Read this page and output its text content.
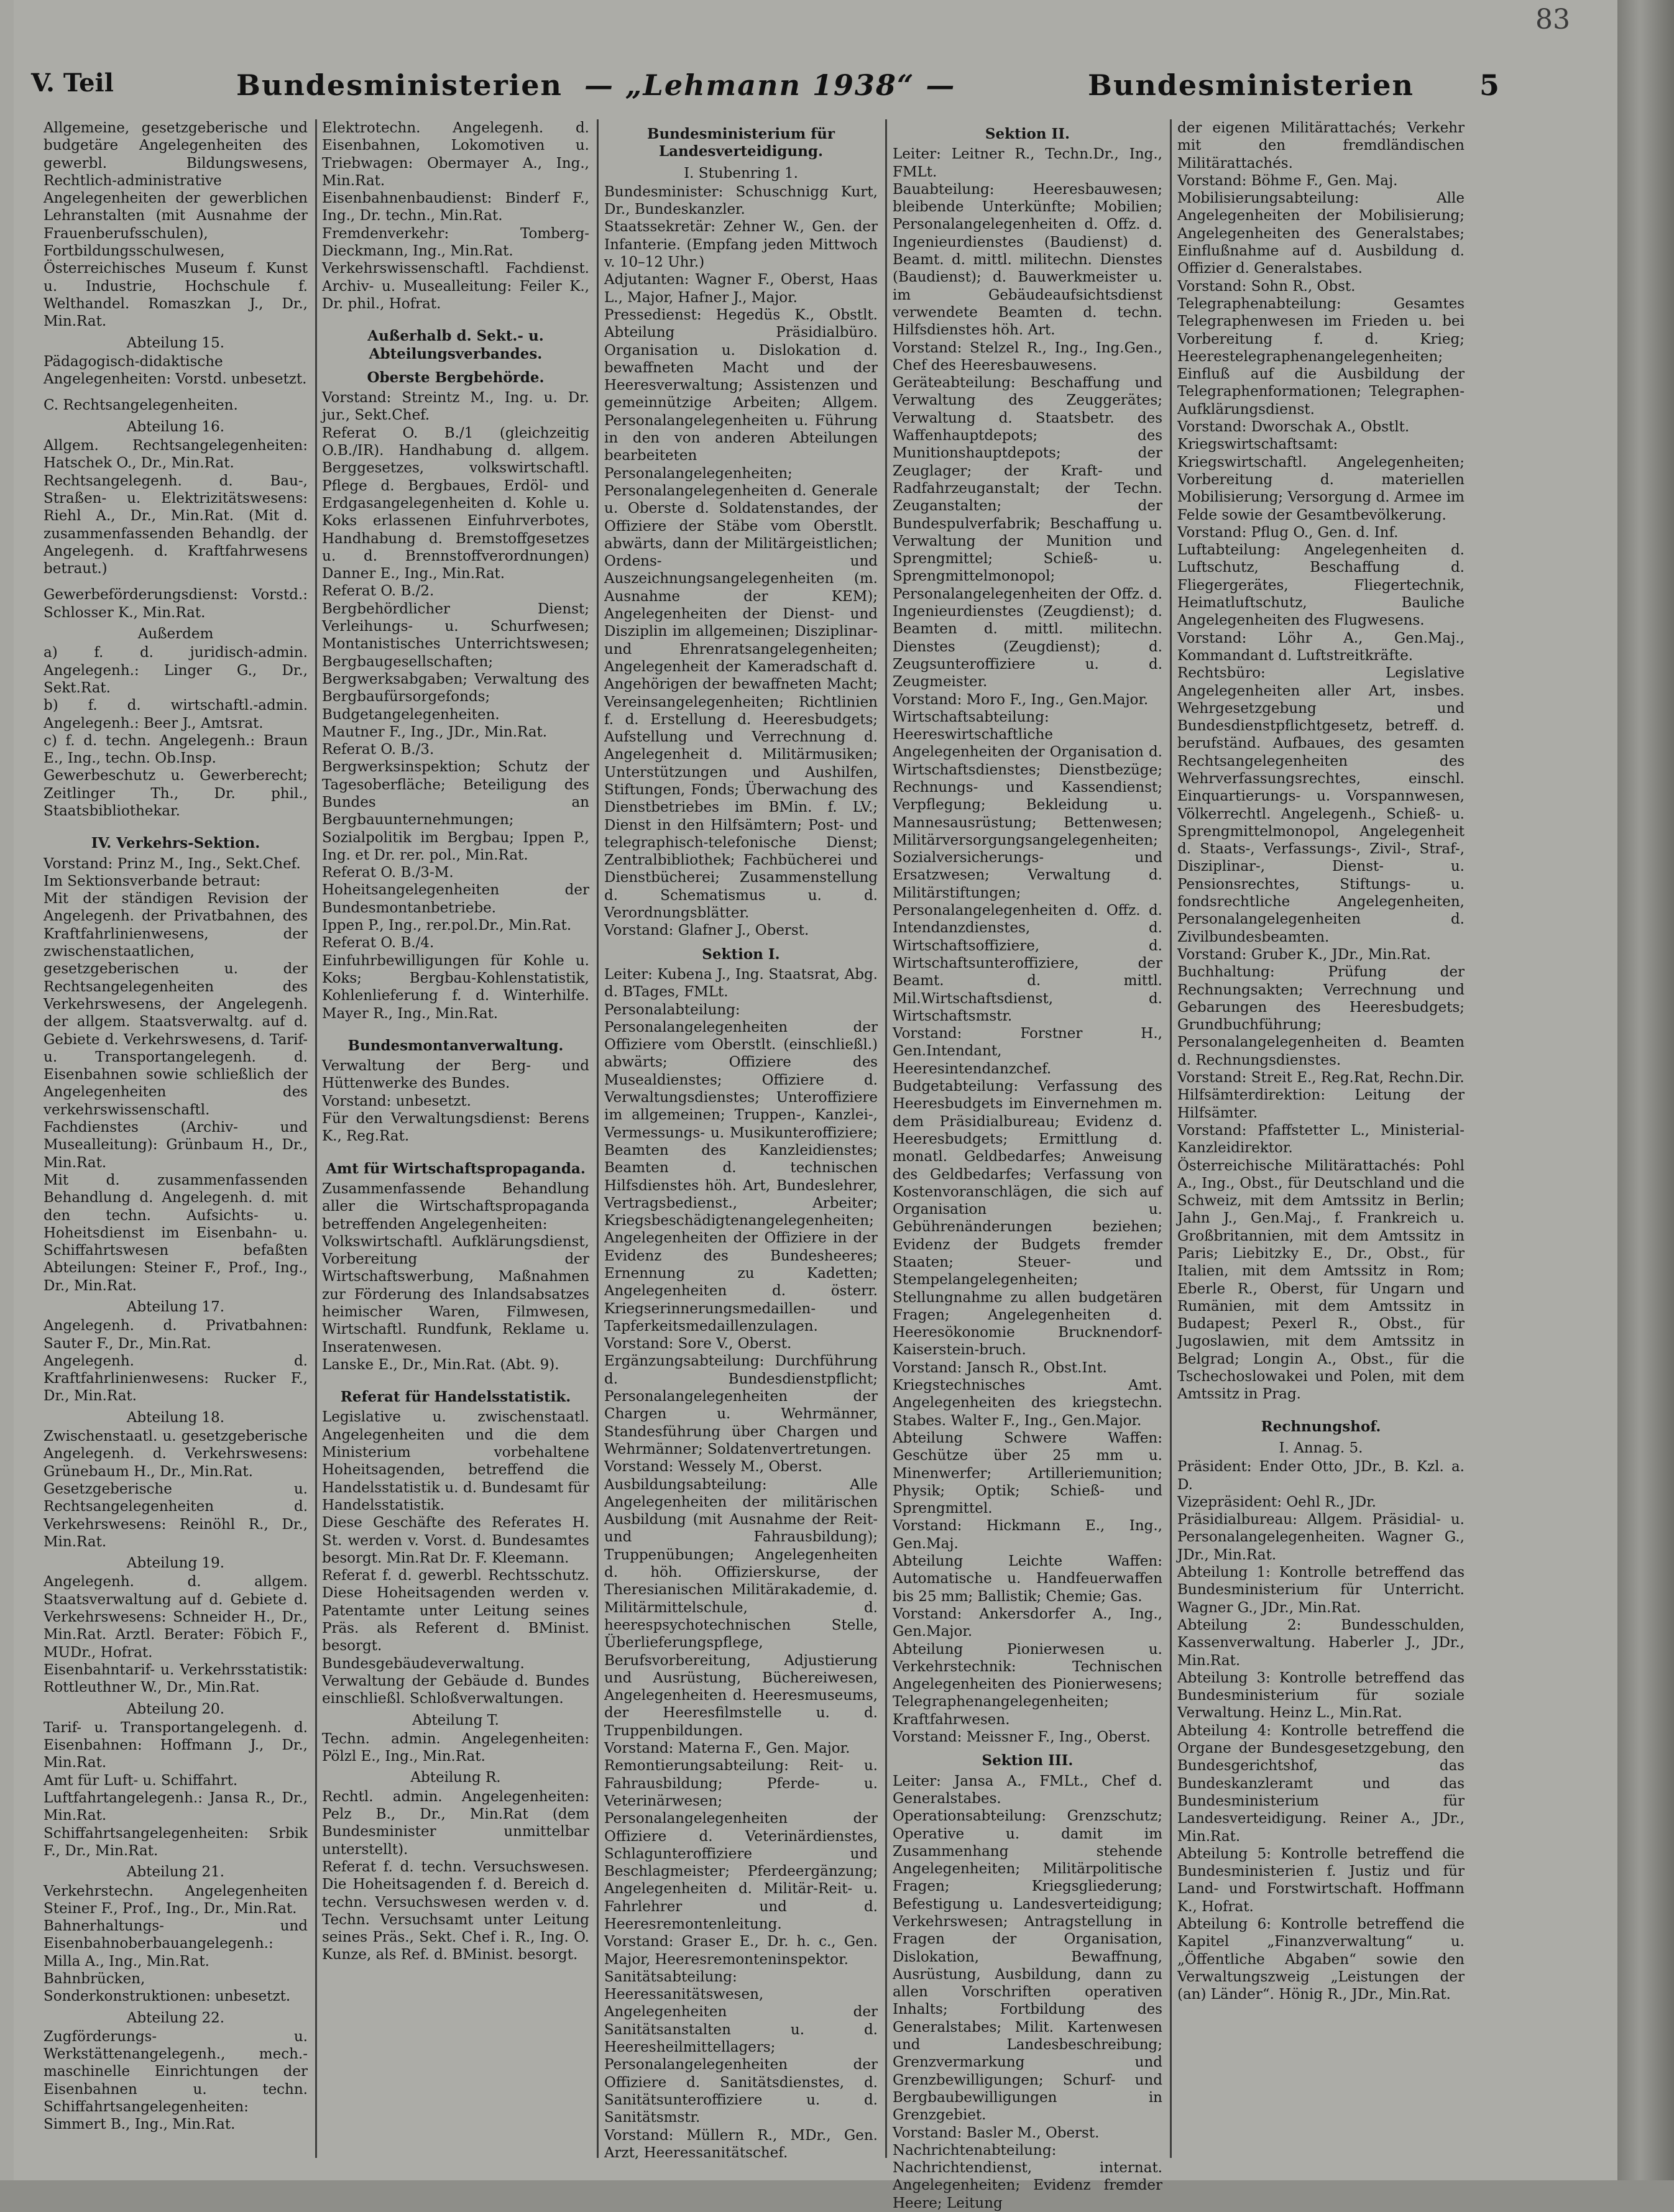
83
V. Teil	Bundesministerien — „Lehmann 1938“ —	Bundesministerien 5
Allgemeine, gesetzgeberische und budgetäre Angelegenheiten des gewerbl. Bildungswesens, Rechtlich-administrative Angelegenheiten der gewerblichen Lehranstalten (mit Ausnahme der Frauenberufsschulen), Fortbildungsschulwesen, Österreichisches Museum f. Kunst u. Industrie, Hochschule f. Welthandel. Romaszkan J., Dr., Min.Rat.
Abteilung 15.
Pädagogisch-didaktische Angelegenheiten: Vorstd. unbesetzt.
C. Rechtsangelegenheiten.
Abteilung 16.
Allgem. Rechtsangelegenheiten: Hatschek O., Dr., Min.Rat.
Rechtsangelegenh. d. Bau-, Straßen- u. Elektrizitätswesens: Riehl A., Dr., Min.Rat. (Mit d. zusammenfassenden Behandlg. der Angelegenh. d. Kraftfahrwesens betraut.)
Gewerbeförderungsdienst: Vorstd.: Schlosser K., Min.Rat.
Außerdem
a) f. d. juridisch-admin. Angelegenh.: Linger G., Dr., Sekt.Rat.
b) f. d. wirtschaftl.-admin. Angelegenh.: Beer J., Amtsrat.
c) f. d. techn. Angelegenh.: Braun E., Ing., techn. Ob.Insp.
Gewerbeschutz u. Gewerberecht; Zeitlinger Th., Dr. phil., Staatsbibliothekar.
IV. Verkehrs-Sektion.
Vorstand: Prinz M., Ing., Sekt.Chef.
Im Sektionsverbande betraut:
Mit der ständigen Revision der Angelegenh. der Privatbahnen, des Kraftfahrlinienwesens, der zwischenstaatlichen, gesetzgeberischen u. der Rechtsangelegenheiten des Verkehrswesens, der Angelegenh. der allgem. Staatsverwaltg. auf d. Gebiete d. Verkehrswesens, d. Tarif- u. Transportangelegenh. d. Eisenbahnen sowie schließlich der Angelegenheiten des verkehrswissenschaftl. Fachdienstes (Archiv- und Musealleitung): Grünbaum H., Dr., Min.Rat.
Mit d. zusammenfassenden Behandlung d. Angelegenh. d. mit den techn. Aufsichts- u. Hoheitsdienst im Eisenbahn- u. Schiffahrtswesen befaßten Abteilungen: Steiner F., Prof., Ing., Dr., Min.Rat.
Abteilung 17.
Angelegenh. d. Privatbahnen: Sauter F., Dr., Min.Rat.
Angelegenh. d. Kraftfahrlinienwesens: Rucker F., Dr., Min.Rat.
Abteilung 18.
Zwischenstaatl. u. gesetzgeberische Angelegenh. d. Verkehrswesens: Grünebaum H., Dr., Min.Rat.
Gesetzgeberische u. Rechtsangelegenheiten d. Verkehrswesens: Reinöhl R., Dr., Min.Rat.
Abteilung 19.
Angelegenh. d. allgem. Staatsverwaltung auf d. Gebiete d. Verkehrswesens: Schneider H., Dr., Min.Rat. Arztl. Berater: Föbich F., MUDr., Hofrat.
Eisenbahntarif- u. Verkehrsstatistik: Rottleuthner W., Dr., Min.Rat.
Abteilung 20.
Tarif- u. Transportangelegenh. d. Eisenbahnen: Hoffmann J., Dr., Min.Rat.
Amt für Luft- u. Schiffahrt.
Luftfahrtangelegenh.: Jansa R., Dr., Min.Rat.
Schiffahrtsangelegenheiten: Srbik F., Dr., Min.Rat.
Abteilung 21.
Verkehrstechn. Angelegenheiten Steiner F., Prof., Ing., Dr., Min.Rat.
Bahnerhaltungs- und Eisenbahnoberbauangelegenh.: Milla A., Ing., Min.Rat.
Bahnbrücken, Sonderkonstruktionen: unbesetzt.
Abteilung 22.
Zugförderungs- u. Werkstättenangelegenh., mech.-maschinelle Einrichtungen der Eisenbahnen u. techn. Schiffahrtsangelegenheiten: Simmert B., Ing., Min.Rat.
Elektrotechn. Angelegenh. d. Eisenbahnen, Lokomotiven u. Triebwagen: Obermayer A., Ing., Min.Rat.
Eisenbahnenbaudienst: Binderf F., Ing., Dr. techn., Min.Rat.
Fremdenverkehr: Tomberg-Dieckmann, Ing., Min.Rat.
Verkehrswissenschaftl. Fachdienst. Archiv- u. Musealleitung: Feiler K., Dr. phil., Hofrat.
Außerhalb d. Sekt.- u. Abteilungsverbandes.
Oberste Bergbehörde.
Vorstand: Streintz M., Ing. u. Dr. jur., Sekt.Chef.
Referat O. B./1 (gleichzeitig O.B./IR). Handhabung d. allgem. Berggesetzes, volkswirtschaftl. Pflege d. Bergbaues, Erdöl- und Erdgasangelegenheiten d. Kohle u. Koks erlassenen Einfuhrverbotes, Handhabung d. Bremstoffgesetzes u. d. Brennstoffverordnungen) Danner E., Ing., Min.Rat.
Referat O. B./2.
Bergbehördlicher Dienst; Verleihungs- u. Schurfwesen; Montanistisches Unterrichtswesen; Bergbaugesellschaften; Bergwerksabgaben; Verwaltung des Bergbaufürsorgefonds; Budgetangelegenheiten.
Mautner F., Ing., JDr., Min.Rat.
Referat O. B./3.
Bergwerksinspektion; Schutz der Tagesoberfläche; Beteiligung des Bundes an Bergbauunternehmungen; Sozialpolitik im Bergbau; Ippen P., Ing. et Dr. rer. pol., Min.Rat.
Referat O. B./3-M.
Hoheitsangelegenheiten der Bundesmontanbetriebe.
Ippen P., Ing., rer.pol.Dr., Min.Rat.
Referat O. B./4.
Einfuhrbewilligungen für Kohle u. Koks; Bergbau-Kohlenstatistik, Kohlenlieferung f. d. Winterhilfe. Mayer R., Ing., Min.Rat.
Bundesmontanverwaltung.
Verwaltung der Berg- und Hüttenwerke des Bundes.
Vorstand: unbesetzt.
Für den Verwaltungsdienst: Berens K., Reg.Rat.
Amt für Wirtschaftspropaganda.
Zusammenfassende Behandlung aller die Wirtschaftspropaganda betreffenden Angelegenheiten:
Volkswirtschaftl. Aufklärungsdienst, Vorbereitung der Wirtschaftswerbung, Maßnahmen zur Förderung des Inlandsabsatzes heimischer Waren, Filmwesen, Wirtschaftl. Rundfunk, Reklame u. Inseratenwesen.
Lanske E., Dr., Min.Rat. (Abt. 9).
Referat für Handelsstatistik.
Legislative u. zwischenstaatl. Angelegenheiten und die dem Ministerium vorbehaltene Hoheitsagenden, betreffend die Handelsstatistik u. d. Bundesamt für Handelsstatistik.
Diese Geschäfte des Referates H. St. werden v. Vorst. d. Bundesamtes besorgt. Min.Rat Dr. F. Kleemann.
Referat f. d. gewerbl. Rechtsschutz. Diese Hoheitsagenden werden v. Patentamte unter Leitung seines Präs. als Referent d. BMinist. besorgt.
Bundesgebäudeverwaltung.
Verwaltung der Gebäude d. Bundes einschließl. Schloßverwaltungen.
Abteilung T.
Techn. admin. Angelegenheiten: Pölzl E., Ing., Min.Rat.
Abteilung R.
Rechtl. admin. Angelegenheiten: Pelz B., Dr., Min.Rat (dem Bundesminister unmittelbar unterstellt).
Referat f. d. techn. Versuchswesen. Die Hoheitsagenden f. d. Bereich d. techn. Versuchswesen werden v. d. Techn. Versuchsamt unter Leitung seines Präs., Sekt. Chef i. R., Ing. O. Kunze, als Ref. d. BMinist. besorgt.
Bundesministerium für Landesverteidigung.
I. Stubenring 1.
Bundesminister: Schuschnigg Kurt, Dr., Bundeskanzler.
Staatssekretär: Zehner W., Gen. der Infanterie. (Empfang jeden Mittwoch v. 10–12 Uhr.)
Adjutanten: Wagner F., Oberst, Haas L., Major, Hafner J., Major.
Pressedienst: Hegedüs K., Obstlt. Abteilung Präsidialbüro. Organisation u. Dislokation d. bewaffneten Macht und der Heeresverwaltung; Assistenzen und gemeinnützige Arbeiten; Allgem. Personalangelegenheiten u. Führung in den von anderen Abteilungen bearbeiteten Personalangelegenheiten; Personalangelegenheiten d. Generale u. Oberste d. Soldatenstandes, der Offiziere der Stäbe vom Oberstlt. abwärts, dann der Militärgeistlichen; Ordens- und Auszeichnungsangelegenheiten (m. Ausnahme der KEM); Angelegenheiten der Dienst- und Disziplin im allgemeinen; Disziplinar- und Ehrenratsangelegenheiten; Angelegenheit der Kameradschaft d. Angehörigen der bewaffneten Macht; Vereinsangelegenheiten; Richtlinien f. d. Erstellung d. Heeresbudgets; Aufstellung und Verrechnung d. Angelegenheit d. Militärmusiken; Unterstützungen und Aushilfen, Stiftungen, Fonds; Überwachung des Dienstbetriebes im BMin. f. LV.; Dienst in den Hilfsämtern; Post- und telegraphisch-telefonische Dienst; Zentralbibliothek; Fachbücherei und Dienstbücherei; Zusammenstellung d. Schematismus u. d. Verordnungsblätter.
Vorstand: Glafner J., Oberst.
Sektion I.
Leiter: Kubena J., Ing. Staatsrat, Abg. d. BTages, FMLt.
Personalabteilung: Personalangelegenheiten der Offiziere vom Oberstlt. (einschließl.) abwärts; Offiziere des Musealdienstes; Offiziere d. Verwaltungsdienstes; Unteroffiziere im allgemeinen; Truppen-, Kanzlei-, Vermessungs- u. Musikunteroffiziere; Beamten des Kanzleidienstes; Beamten d. technischen Hilfsdienstes höh. Art, Bundeslehrer, Vertragsbedienst., Arbeiter; Kriegsbeschädigtenangelegenheiten; Angelegenheiten der Offiziere in der Evidenz des Bundesheeres; Ernennung zu Kadetten; Angelegenheiten d. österr. Kriegserinnerungsmedaillen- und Tapferkeitsmedaillenzulagen.
Vorstand: Sore V., Oberst.
Ergänzungsabteilung: Durchführung d. Bundesdienstpflicht; Personalangelegenheiten der Chargen u. Wehrmänner, Standesführung über Chargen und Wehrmänner; Soldatenvertretungen.
Vorstand: Wessely M., Oberst.
Ausbildungsabteilung: Alle Angelegenheiten der militärischen Ausbildung (mit Ausnahme der Reit- und Fahrausbildung); Truppenübungen; Angelegenheiten d. höh. Offizierskurse, der Theresianischen Militärakademie, d. Militärmittelschule, d. heerespsychotechnischen Stelle, Überlieferungspflege, Berufsvorbereitung, Adjustierung und Ausrüstung, Büchereiwesen, Angelegenheiten d. Heeresmuseums, der Heeresfilmstelle u. d. Truppenbildungen.
Vorstand: Materna F., Gen. Major.
Remontierungsabteilung: Reit- u. Fahrausbildung; Pferde- u. Veterinärwesen; Personalangelegenheiten der Offiziere d. Veterinärdienstes, Schlagunteroffiziere und Beschlagmeister; Pferdeergänzung; Angelegenheiten d. Militär-Reit- u. Fahrlehrer und d. Heeresremontenleitung.
Vorstand: Graser E., Dr. h. c., Gen. Major, Heeresremonteninspektor.
Sanitätsabteilung: Heeressanitätswesen, Angelegenheiten der Sanitätsanstalten u. d. Heeresheilmittellagers; Personalangelegenheiten der Offiziere d. Sanitätsdienstes, d. Sanitätsunteroffiziere u. d. Sanitätsmstr.
Vorstand: Müllern R., MDr., Gen. Arzt, Heeressanitätschef.
Sektion II.
Leiter: Leitner R., Techn.Dr., Ing., FMLt.
Bauabteilung: Heeresbauwesen; bleibende Unterkünfte; Mobilien; Personalangelegenheiten d. Offz. d. Ingenieurdienstes (Baudienst) d. Beamt. d. mittl. militechn. Dienstes (Baudienst); d. Bauwerkmeister u. im Gebäudeaufsichtsdienst verwendete Beamten d. techn. Hilfsdienstes höh. Art.
Vorstand: Stelzel R., Ing., Ing.Gen., Chef des Heeresbauwesens.
Geräteabteilung: Beschaffung und Verwaltung des Zeuggerätes; Verwaltung d. Staatsbetr. des Waffenhauptdepots; des Munitionshauptdepots; der Zeuglager; der Kraft- und Radfahrzeuganstalt; der Techn. Zeuganstalten; der Bundespulverfabrik; Beschaffung u. Verwaltung der Munition und Sprengmittel; Schieß- u. Sprengmittelmonopol; Personalangelegenheiten der Offz. d. Ingenieurdienstes (Zeugdienst); d. Beamten d. mittl. militechn. Dienstes (Zeugdienst); d. Zeugsunteroffiziere u. d. Zeugmeister.
Vorstand: Moro F., Ing., Gen.Major.
Wirtschaftsabteilung: Heereswirtschaftliche Angelegenheiten der Organisation d. Wirtschaftsdienstes; Dienstbezüge; Rechnungs- und Kassendienst; Verpflegung; Bekleidung u. Mannesausrüstung; Bettenwesen; Militärversorgungsangelegenheiten; Sozialversicherungs- und Ersatzwesen; Verwaltung d. Militärstiftungen; Personalangelegenheiten d. Offz. d. Intendanzdienstes, d. Wirtschaftsoffiziere, d. Wirtschaftsunteroffiziere, der Beamt. d. mittl. Mil.Wirtschaftsdienst, d. Wirtschaftsmstr.
Vorstand: Forstner H., Gen.Intendant, Heeresintendanzchef.
Budgetabteilung: Verfassung des Heeresbudgets im Einvernehmen m. dem Präsidialbureau; Evidenz d. Heeresbudgets; Ermittlung d. monatl. Geldbedarfes; Anweisung des Geldbedarfes; Verfassung von Kostenvoranschlägen, die sich auf Organisation u. Gebührenänderungen beziehen; Evidenz der Budgets fremder Staaten; Steuer- und Stempelangelegenheiten; Stellungnahme zu allen budgetären Fragen; Angelegenheiten d. Heeresökonomie Brucknendorf-Kaiserstein-bruch.
Vorstand: Jansch R., Obst.Int.
Kriegstechnisches Amt. Angelegenheiten des kriegstechn. Stabes. Walter F., Ing., Gen.Major.
Abteilung Schwere Waffen: Geschütze über 25 mm u. Minenwerfer; Artilleriemunition; Physik; Optik; Schieß- und Sprengmittel.
Vorstand: Hickmann E., Ing., Gen.Maj.
Abteilung Leichte Waffen: Automatische u. Handfeuerwaffen bis 25 mm; Ballistik; Chemie; Gas.
Vorstand: Ankersdorfer A., Ing., Gen.Major.
Abteilung Pionierwesen u. Verkehrstechnik: Technischen Angelegenheiten des Pionierwesens; Telegraphenangelegenheiten; Kraftfahrwesen.
Vorstand: Meissner F., Ing., Oberst.
Sektion III.
Leiter: Jansa A., FMLt., Chef d. Generalstabes.
Operationsabteilung: Grenzschutz; Operative u. damit im Zusammenhang stehende Angelegenheiten; Militärpolitische Fragen; Kriegsgliederung; Befestigung u. Landesverteidigung; Verkehrswesen; Antragstellung in Fragen der Organisation, Dislokation, Bewaffnung, Ausrüstung, Ausbildung, dann zu allen Vorschriften operativen Inhalts; Fortbildung des Generalstabes; Milit. Kartenwesen und Landesbeschreibung; Grenzvermarkung und Grenzbewilligungen; Schurf- und Bergbaubewilligungen in Grenzgebiet.
Vorstand: Basler M., Oberst.
Nachrichtenabteilung: Nachrichtendienst, internat. Angelegenheiten; Evidenz fremder Heere; Leitung
der eigenen Militärattachés; Verkehr mit den fremdländischen Militärattachés.
Vorstand: Böhme F., Gen. Maj.
Mobilisierungsabteilung: Alle Angelegenheiten der Mobilisierung; Angelegenheiten des Generalstabes; Einflußnahme auf d. Ausbildung d. Offizier d. Generalstabes.
Vorstand: Sohn R., Obst.
Telegraphenabteilung: Gesamtes Telegraphenwesen im Frieden u. bei Vorbereitung f. d. Krieg; Heerestelegraphenangelegenheiten; Einfluß auf die Ausbildung der Telegraphenformationen; Telegraphen-Aufklärungsdienst.
Vorstand: Dworschak A., Obstlt.
Kriegswirtschaftsamt: Kriegswirtschaftl. Angelegenheiten; Vorbereitung d. materiellen Mobilisierung; Versorgung d. Armee im Felde sowie der Gesamtbevölkerung.
Vorstand: Pflug O., Gen. d. Inf.
Luftabteilung: Angelegenheiten d. Luftschutz, Beschaffung d. Fliegergerätes, Fliegertechnik, Heimatluftschutz, Bauliche Angelegenheiten des Flugwesens.
Vorstand: Löhr A., Gen.Maj., Kommandant d. Luftstreitkräfte.
Rechtsbüro: Legislative Angelegenheiten aller Art, insbes. Wehrgesetzgebung und Bundesdienstpflichtgesetz, betreff. d. berufständ. Aufbaues, des gesamten Rechtsangelegenheiten des Wehrverfassungsrechtes, einschl. Einquartierungs- u. Vorspannwesen, Völkerrechtl. Angelegenh., Schieß- u. Sprengmittelmonopol, Angelegenheit d. Staats-, Verfassungs-, Zivil-, Straf-, Disziplinar-, Dienst- u. Pensionsrechtes, Stiftungs- u. fondsrechtliche Angelegenheiten, Personalangelegenheiten d. Zivilbundesbeamten.
Vorstand: Gruber K., JDr., Min.Rat.
Buchhaltung: Prüfung der Rechnungsakten; Verrechnung und Gebarungen des Heeresbudgets; Grundbuchführung; Personalangelegenheiten d. Beamten d. Rechnungsdienstes.
Vorstand: Streit E., Reg.Rat, Rechn.Dir.
Hilfsämterdirektion: Leitung der Hilfsämter.
Vorstand: Pfaffstetter L., Ministerial-Kanzleidirektor.
Österreichische Militärattachés: Pohl A., Ing., Obst., für Deutschland und die Schweiz, mit dem Amtssitz in Berlin; Jahn J., Gen.Maj., f. Frankreich u. Großbritannien, mit dem Amtssitz in Paris; Liebitzky E., Dr., Obst., für Italien, mit dem Amtssitz in Rom; Eberle R., Oberst, für Ungarn und Rumänien, mit dem Amtssitz in Budapest; Pexerl R., Obst., für Jugoslawien, mit dem Amtssitz in Belgrad; Longin A., Obst., für die Tschechoslowakei und Polen, mit dem Amtssitz in Prag.
Rechnungshof.
I. Annag. 5.
Präsident: Ender Otto, JDr., B. Kzl. a. D.
Vizepräsident: Oehl R., JDr.
Präsidialbureau: Allgem. Präsidial- u. Personalangelegenheiten. Wagner G., JDr., Min.Rat.
Abteilung 1: Kontrolle betreffend das Bundesministerium für Unterricht. Wagner G., JDr., Min.Rat.
Abteilung 2: Bundesschulden, Kassenverwaltung. Haberler J., JDr., Min.Rat.
Abteilung 3: Kontrolle betreffend das Bundesministerium für soziale Verwaltung. Heinz L., Min.Rat.
Abteilung 4: Kontrolle betreffend die Organe der Bundesgesetzgebung, den Bundesgerichtshof, das Bundeskanzleramt und das Bundesministerium für Landesverteidigung. Reiner A., JDr., Min.Rat.
Abteilung 5: Kontrolle betreffend die Bundesministerien f. Justiz und für Land- und Forstwirtschaft. Hoffmann K., Hofrat.
Abteilung 6: Kontrolle betreffend die Kapitel „Finanzverwaltung“ u. „Öffentliche Abgaben“ sowie den Verwaltungszweig „Leistungen der (an) Länder“. Hönig R., JDr., Min.Rat.
